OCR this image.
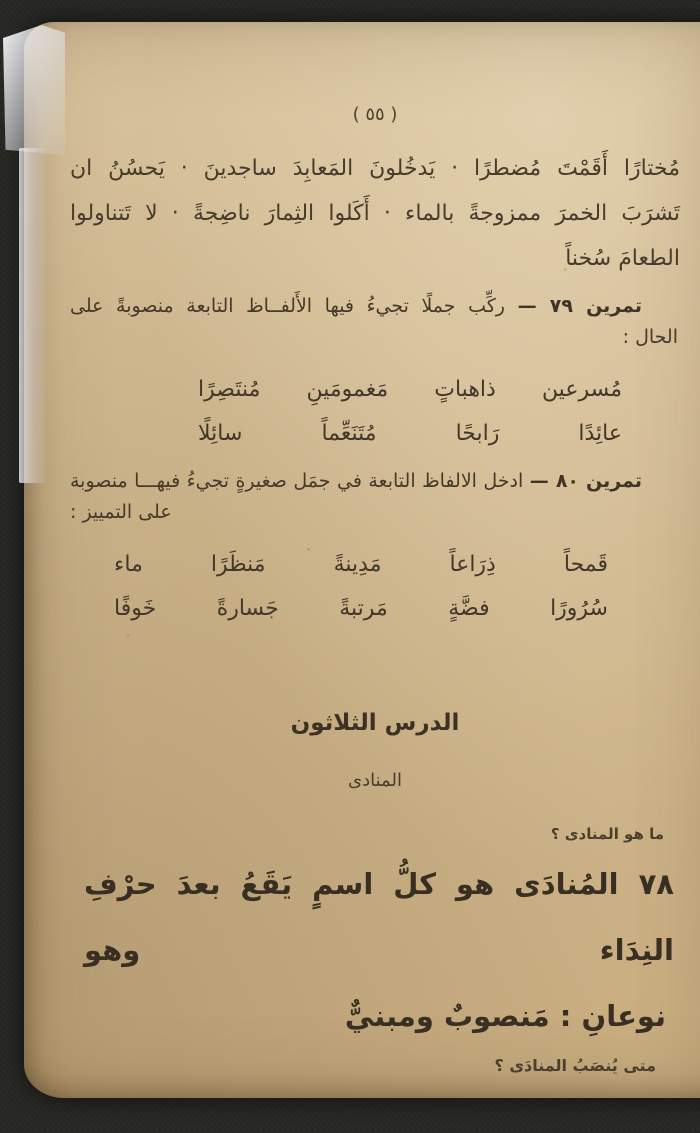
( ٥٥ )
مُختارًا أَقَمْتَ مُضطرًا · يَدخُلونَ المَعابِدَ ساجدينَ · يَحسُنُ ان
تَشرَبَ الخمرَ ممزوجةً بالماء · أَكَلوا الثِمارَ ناضِجةً · لا تَتناولوا
الطعامَ سُخناً
تمرين ٧٩ — ركِّب جملًا تجيءُ فيها الأَلفــاظ التابعة منصوبةً على
الحال :
مُسرعين
ذاهباتٍ
مَغمومَينِ
مُنتَصِرًا
عائِدًا
رَابحًا
مُتَنَعِّماً
سائِلًا
تمرين ٨٠ — ادخل الالفاظ التابعة في جمَل صغيرةٍ تجيءُ فيهـــا منصوبة
على التمييز :
قَمحاً
ذِرَاعاً
مَدِينةً
مَنظَرًا
ماء
سُرُورًا
فضَّةٍ
مَرتبةً
جَسارةً
خَوفًا
الدرس الثلاثون
المنادى
ما هو المنادى ؟
٧٨ المُنادَى هو كلُّ اسمٍ يَقَعُ بعدَ حرْفِ النِدَاء وهو
نوعانِ : مَنصوبٌ ومبنيٌّ
متى يُنصَبُ المنادَى ؟
